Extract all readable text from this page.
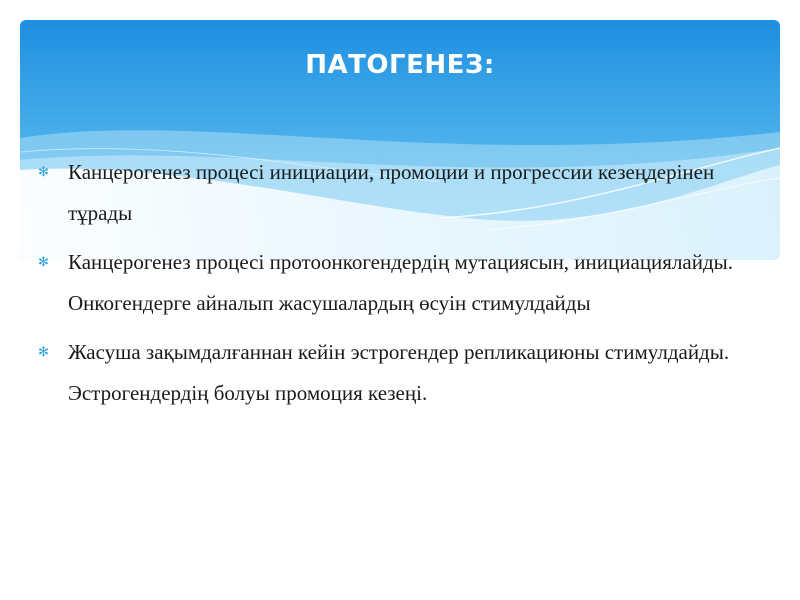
ПАТОГЕНЕЗ:
✻ Канцерогенез процесі инициации, промоции и прогрессии кезеңдерінен тұрады
✻ Канцерогенез процесі протоонкогендердің мутациясын, инициациялайды. Онкогендерге айналып жасушалардың өсуін стимулдайды
✻ Жасуша зақымдалғаннан кейін эстрогендер репликациюны стимулдайды. Эстрогендердің болуы промоция кезеңі.
